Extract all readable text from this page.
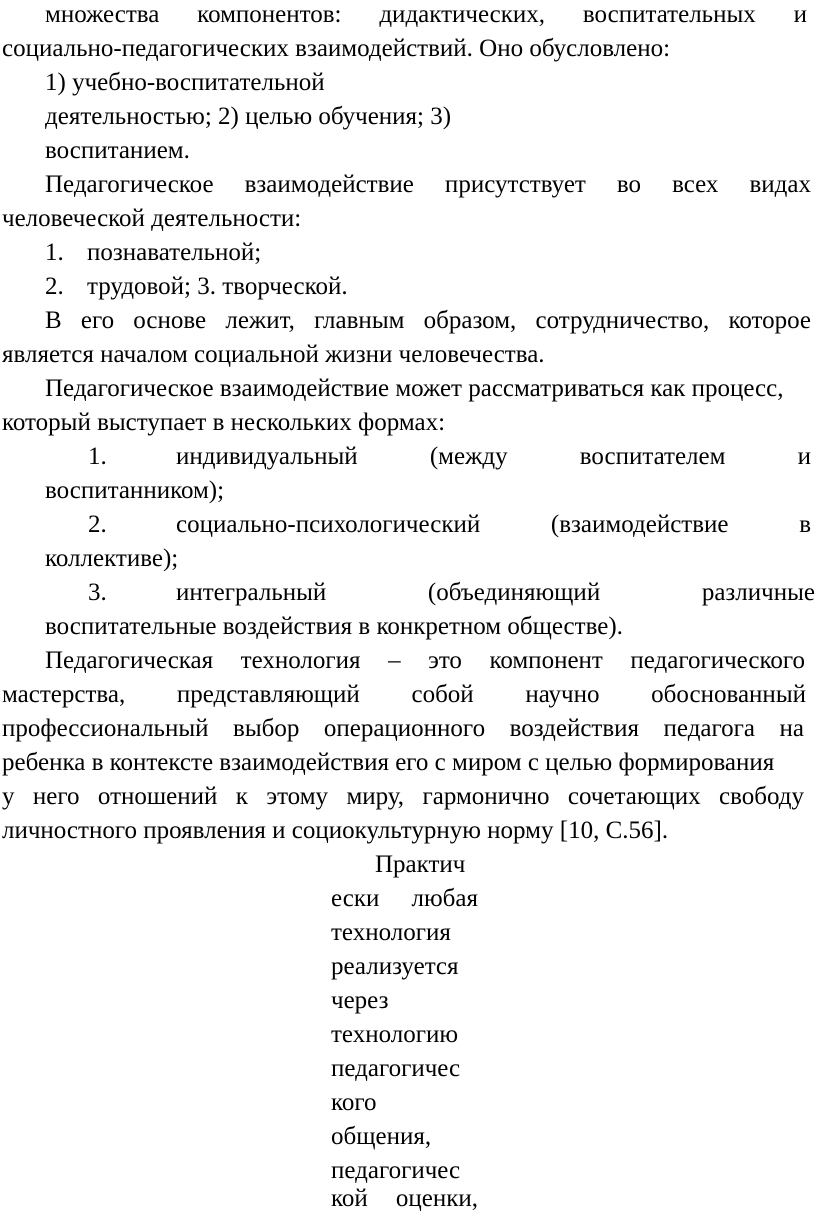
множества компонентов: дидактических, воспитательных и
социально-педагогических взаимодействий. Оно обусловлено:
1) учебно-воспитательной
деятельностью; 2) целью обучения; 3)
воспитанием.
Педагогическое взаимодействие присутствует во всех видах
человеческой деятельности:
1. познавательной;
2. трудовой; 3. творческой.
В его основе лежит, главным образом, сотрудничество, которое
является началом социальной жизни человечества.
Педагогическое взаимодействие может рассматриваться как процесс,
который выступает в нескольких формах:
1.	индивидуальный (между воспитателем и
воспитанником);
2.	социально-психологический (взаимодействие в
коллективе);
3.	интегральный (объединяющий различные
воспитательные воздействия в конкретном обществе).
Педагогическая технология – это компонент педагогического
мастерства, представляющий собой научно обоснованный
профессиональный выбор операционного воздействия педагога на
ребенка в контексте взаимодействия его с миром с целью формирования
у него отношений к этому миру, гармонично сочетающих свободу
личностного проявления и социокультурную норму [10, С.56].
Практич
ески любая
технология
реализуется
через
технологию
педагогичес
кого
общения,
педагогичес
кой оценки,
